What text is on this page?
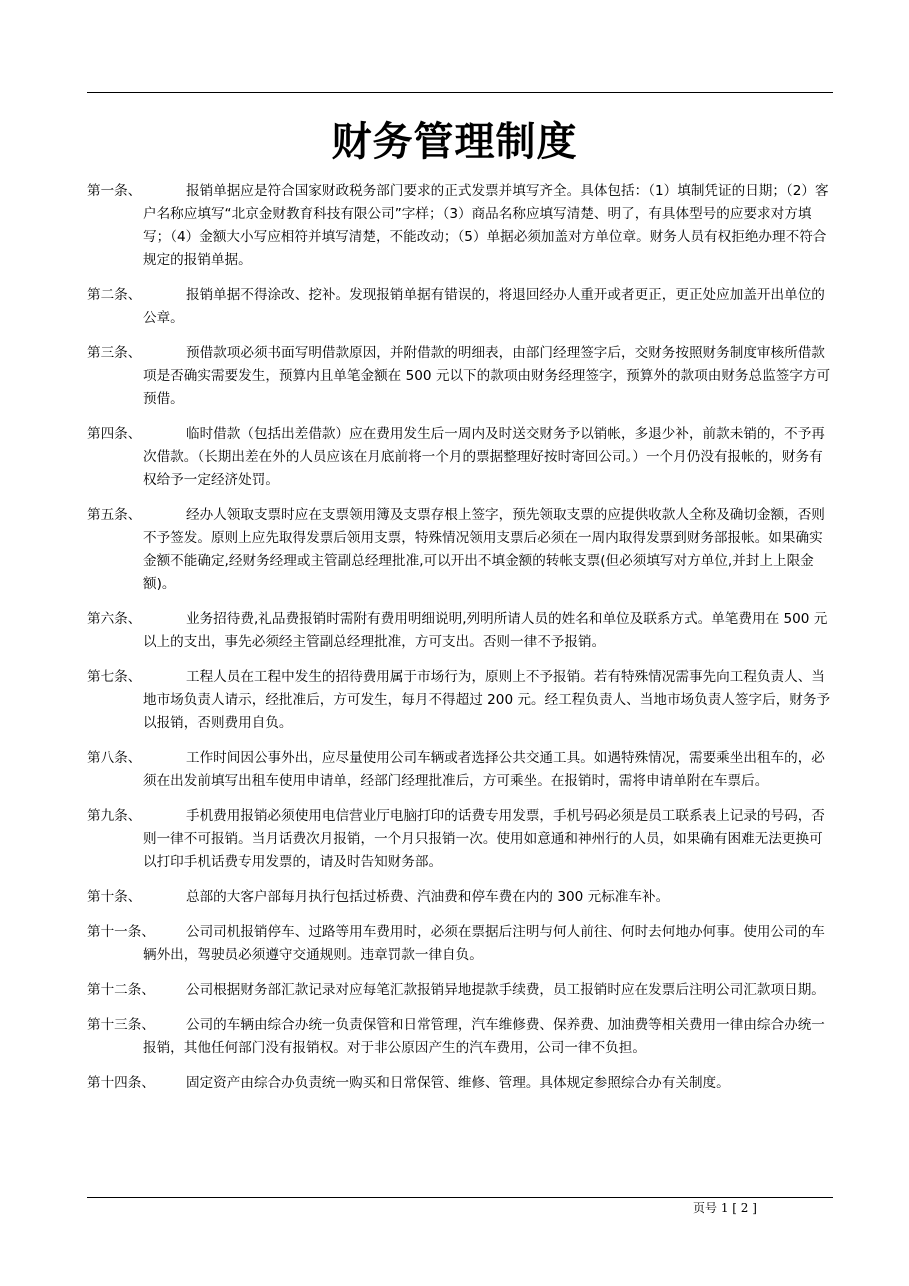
财务管理制度
第一条、	报销单据应是符合国家财政税务部门要求的正式发票并填写齐全。具体包括：（1）填制凭证的日期；（2）客户名称应填写“北京金财教育科技有限公司”字样；（3）商品名称应填写清楚、明了，有具体型号的应要求对方填写；（4）金额大小写应相符并填写清楚，不能改动；（5）单据必须加盖对方单位章。财务人员有权拒绝办理不符合规定的报销单据。
第二条、	报销单据不得涂改、挖补。发现报销单据有错误的，将退回经办人重开或者更正，更正处应加盖开出单位的公章。
第三条、	预借款项必须书面写明借款原因，并附借款的明细表，由部门经理签字后，交财务按照财务制度审核所借款项是否确实需要发生，预算内且单笔金额在 500 元以下的款项由财务经理签字，预算外的款项由财务总监签字方可预借。
第四条、	临时借款（包括出差借款）应在费用发生后一周内及时送交财务予以销帐，多退少补，前款未销的，不予再次借款。（长期出差在外的人员应该在月底前将一个月的票据整理好按时寄回公司。）一个月仍没有报帐的，财务有权给予一定经济处罚。
第五条、	经办人领取支票时应在支票领用簿及支票存根上签字，预先领取支票的应提供收款人全称及确切金额，否则不予签发。原则上应先取得发票后领用支票，特殊情况领用支票后必须在一周内取得发票到财务部报帐。如果确实金额不能确定,经财务经理或主管副总经理批准,可以开出不填金额的转帐支票(但必须填写对方单位,并封上上限金额)。
第六条、	业务招待费,礼品费报销时需附有费用明细说明,列明所请人员的姓名和单位及联系方式。单笔费用在 500 元以上的支出，事先必须经主管副总经理批准，方可支出。否则一律不予报销。
第七条、	工程人员在工程中发生的招待费用属于市场行为，原则上不予报销。若有特殊情况需事先向工程负责人、当地市场负责人请示，经批准后，方可发生，每月不得超过 200 元。经工程负责人、当地市场负责人签字后，财务予以报销，否则费用自负。
第八条、	工作时间因公事外出，应尽量使用公司车辆或者选择公共交通工具。如遇特殊情况，需要乘坐出租车的，必须在出发前填写出租车使用申请单，经部门经理批准后，方可乘坐。在报销时，需将申请单附在车票后。
第九条、	手机费用报销必须使用电信营业厅电脑打印的话费专用发票，手机号码必须是员工联系表上记录的号码，否则一律不可报销。当月话费次月报销，一个月只报销一次。使用如意通和神州行的人员，如果确有困难无法更换可以打印手机话费专用发票的，请及时告知财务部。
第十条、	总部的大客户部每月执行包括过桥费、汽油费和停车费在内的 300 元标准车补。
第十一条、	公司司机报销停车、过路等用车费用时，必须在票据后注明与何人前往、何时去何地办何事。使用公司的车辆外出，驾驶员必须遵守交通规则。违章罚款一律自负。
第十二条、	公司根据财务部汇款记录对应每笔汇款报销异地提款手续费，员工报销时应在发票后注明公司汇款项日期。
第十三条、	公司的车辆由综合办统一负责保管和日常管理，汽车维修费、保养费、加油费等相关费用一律由综合办统一报销，其他任何部门没有报销权。对于非公原因产生的汽车费用，公司一律不负担。
第十四条、	固定资产由综合办负责统一购买和日常保管、维修、管理。具体规定参照综合办有关制度。
页号 1 [ 2 ]
